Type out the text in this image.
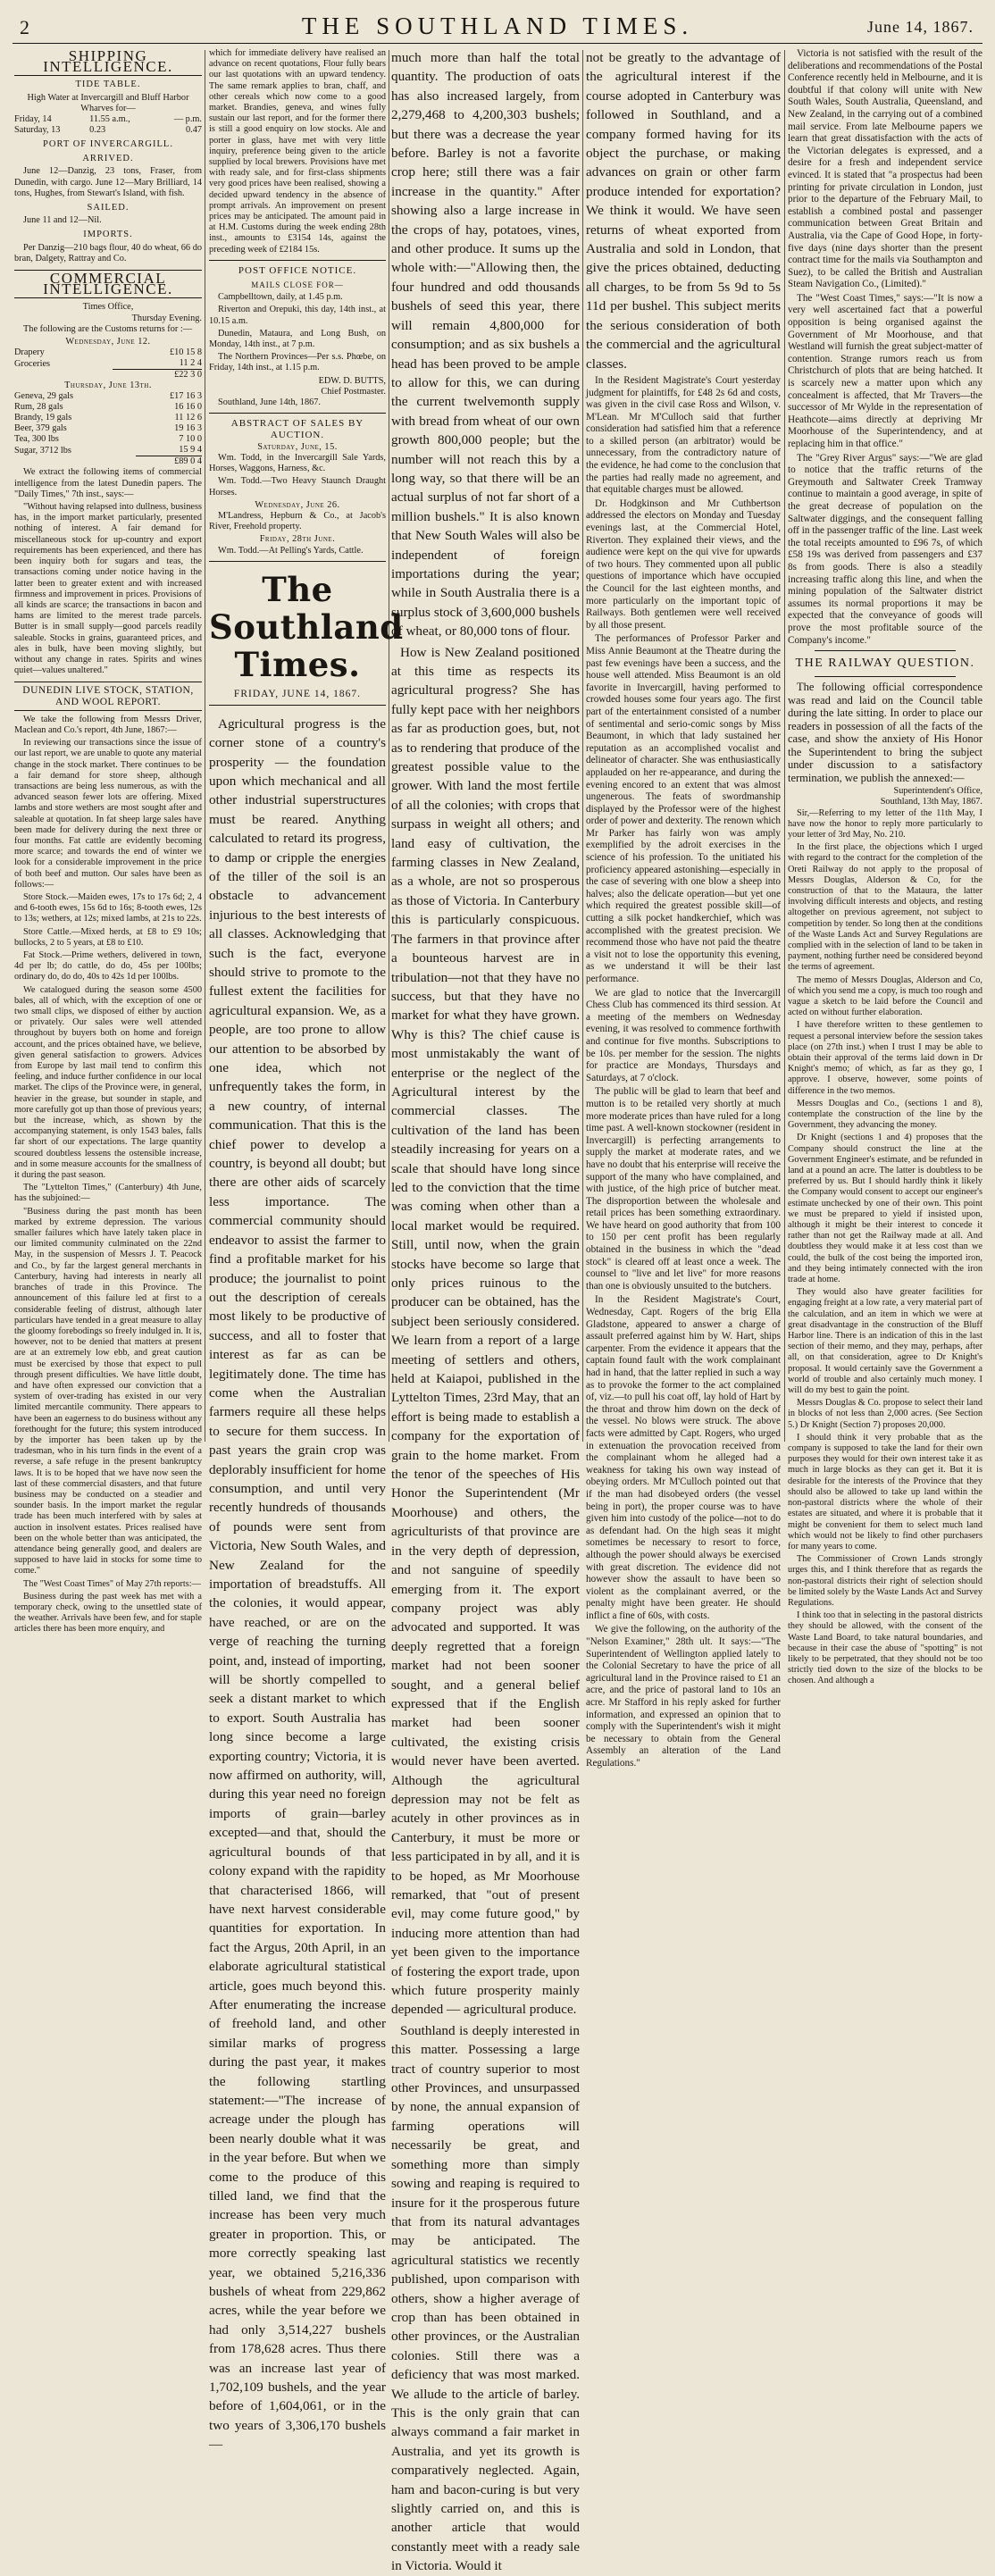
2	THE SOUTHLAND TIMES.	June 14, 1867.
SHIPPING INTELLIGENCE.
TIDE TABLE.
High Water at Invercargill and Bluff Harbor Wharves for—
Friday, 14	11.55 a.m.,	— p.m.
Saturday, 13	0.23	0.47
PORT OF INVERCARGILL.
ARRIVED.

June 12—Danzig, 23 tons, Fraser, from Dunedin, with cargo. June 12—Mary Brilliard, 14 tons, Hughes, from Stewart's Island, with fish.

SAILED.

June 11 and 12—Nil.

IMPORTS.

Per Danzig—210 bags flour, 40 do wheat, 66 do bran, Dalgety, Rattray and Co.

COMMERCIAL INTELLIGENCE.
Times Office,
Thursday Evening.

The following are the Customs returns for :—

Wednesday, June 12.
Drapery	£10 15 8
Groceries	11 2 4
	£22 3 0
Thursday, June 13th.
Geneva, 29 gals	£17 16 3
Rum, 28 gals	16 16 0
Brandy, 19 gals	11 12 6
Beer, 379 gals	19 16 3
Tea, 300 lbs	7 10 0
Sugar, 3712 lbs	15 9 4
	£89 0 4

We extract the following items of commercial intelligence from the latest Dunedin papers. The "Daily Times," 7th inst., says:—

"Without having relapsed into dullness, business has, in the import market particularly, presented nothing of interest. A fair demand for miscellaneous stock for up-country and export requirements has been experienced, and there has been inquiry both for sugars and teas, the transactions coming under notice having in the latter been to greater extent and with increased firmness and improvement in prices. Provisions of all kinds are scarce; the transactions in bacon and hams are limited to the merest trade parcels. Butter is in small supply—good parcels readily saleable. Stocks in grains, guaranteed prices, and ales in bulk, have been moving slightly, but without any change in rates. Spirits and wines quiet—values unaltered."

DUNEDIN LIVE STOCK, STATION, AND WOOL REPORT.

We take the following from Messrs Driver, Maclean and Co.'s report, 4th June, 1867:—

In reviewing our transactions since the issue of our last report, we are unable to quote any material change in the stock market. There continues to be a fair demand for store sheep, although transactions are being less numerous, as with the advanced season fewer lots are offering. Mixed lambs and store wethers are most sought after and saleable at quotation. In fat sheep large sales have been made for delivery during the next three or four months. Fat cattle are evidently becoming more scarce; and towards the end of winter we look for a considerable improvement in the price of both beef and mutton. Our sales have been as follows:—

Store Stock.—Maiden ewes, 17s to 17s 6d; 2, 4 and 6-tooth ewes, 15s 6d to 16s; 8-tooth ewes, 12s to 13s; wethers, at 12s; mixed lambs, at 21s to 22s.

Store Cattle.—Mixed herds, at £8 to £9 10s; bullocks, 2 to 5 years, at £8 to £10.

Fat Stock.—Prime wethers, delivered in town, 4d per lb; do cattle, do do, 45s per 100lbs; ordinary do, do do, 40s to 42s 1d per 100lbs.

We catalogued during the season some 4500 bales, all of which, with the exception of one or two small clips, we disposed of either by auction or privately. Our sales were well attended throughout by buyers both on home and foreign account, and the prices obtained have, we believe, given general satisfaction to growers. Advices from Europe by last mail tend to confirm this feeling, and induce further confidence in our local market. The clips of the Province were, in general, heavier in the grease, but sounder in staple, and more carefully got up than those of previous years; but the increase, which, as shown by the accompanying statement, is only 1543 bales, falls far short of our expectations. The large quantity scoured doubtless lessens the ostensible increase, and in some measure accounts for the smallness of it during the past season.

The "Lyttelton Times," (Canterbury) 4th June, has the subjoined:—

"Business during the past month has been marked by extreme depression. The various smaller failures which have lately taken place in our limited community culminated on the 22nd May, in the suspension of Messrs J. T. Peacock and Co., by far the largest general merchants in Canterbury, having had interests in nearly all branches of trade in this Province. The announcement of this failure led at first to a considerable feeling of distrust, although later particulars have tended in a great measure to allay the gloomy forebodings so freely indulged in. It is, however, not to be denied that matters at present are at an extremely low ebb, and great caution must be exercised by those that expect to pull through present difficulties. We have little doubt, and have often expressed our conviction that a system of over-trading has existed in our very limited mercantile community. There appears to have been an eagerness to do business without any forethought for the future; this system introduced by the importer has been taken up by the tradesman, who in his turn finds in the event of a reverse, a safe refuge in the present bankruptcy laws. It is to be hoped that we have now seen the last of these commercial disasters, and that future business may be conducted on a steadier and sounder basis. In the import market the regular trade has been much interfered with by sales at auction in insolvent estates. Prices realised have been on the whole better than was anticipated, the attendance being generally good, and dealers are supposed to have laid in stocks for some time to come."

The "West Coast Times" of May 27th reports:—

Business during the past week has met with a temporary check, owing to the unsettled state of the weather. Arrivals have been few, and for staple articles there has been more enquiry, and

which for immediate delivery have realised an advance on recent quotations, Flour fully bears our last quotations with an upward tendency. The same remark applies to bran, chaff, and other cereals which now come to a good market. Brandies, geneva, and wines fully sustain our last report, and for the former there is still a good enquiry on low stocks. Ale and porter in glass, have met with very little inquiry, preference being given to the article supplied by local brewers. Provisions have met with ready sale, and for first-class shipments very good prices have been realised, showing a decided upward tendency in the absence of prompt arrivals. An improvement on present prices may be anticipated. The amount paid in at H.M. Customs during the week ending 28th inst., amounts to £3154 14s, against the preceding week of £2184 15s.

POST OFFICE NOTICE.
MAILS CLOSE FOR—

Campbelltown, daily, at 1.45 p.m.

Riverton and Orepuki, this day, 14th inst., at 10.15 a.m.

Dunedin, Mataura, and Long Bush, on Monday, 14th inst., at 7 p.m.

The Northern Provinces—Per s.s. Phœbe, on Friday, 14th inst., at 1.15 p.m.

EDW. D. BUTTS,
Chief Postmaster.

Southland, June 14th, 1867.

ABSTRACT OF SALES BY AUCTION.
Saturday, June, 15.

Wm. Todd, in the Invercargill Sale Yards, Horses, Waggons, Harness, &c.

Wm. Todd.—Two Heavy Staunch Draught Horses.

Wednesday, June 26.

M'Landress, Hepburn & Co., at Jacob's River, Freehold property.

Friday, 28th June.

Wm. Todd.—At Pelling's Yards, Cattle.

The Southland Times.
FRIDAY, JUNE 14, 1867.

Agricultural progress is the corner stone of a country's prosperity — the foundation upon which mechanical and all other industrial superstructures must be reared. Anything calculated to retard its progress, to damp or cripple the energies of the tiller of the soil is an obstacle to advancement injurious to the best interests of all classes. Acknowledging that such is the fact, everyone should strive to promote to the fullest extent the facilities for agricultural expansion. We, as a people, are too prone to allow our attention to be absorbed by one idea, which not unfrequently takes the form, in a new country, of internal communication. That this is the chief power to develop a country, is beyond all doubt; but there are other aids of scarcely less importance. The commercial community should endeavor to assist the farmer to find a profitable market for his produce; the journalist to point out the description of cereals most likely to be productive of success, and all to foster that interest as far as can be legitimately done. The time has come when the Australian farmers require all these helps to secure for them success. In past years the grain crop was deplorably insufficient for home consumption, and until very recently hundreds of thousands of pounds were sent from Victoria, New South Wales, and New Zealand for the importation of breadstuffs. All the colonies, it would appear, have reached, or are on the verge of reaching the turning point, and, instead of importing, will be shortly compelled to seek a distant market to which to export. South Australia has long since become a large exporting country; Victoria, it is now affirmed on authority, will, during this year need no foreign imports of grain—barley excepted—and that, should the agricultural bounds of that colony expand with the rapidity that characterised 1866, will have next harvest considerable quantities for exportation. In fact the Argus, 20th April, in an elaborate agricultural statistical article, goes much beyond this. After enumerating the increase of freehold land, and other similar marks of progress during the past year, it makes the following startling statement:—"The increase of acreage under the plough has been nearly double what it was in the year before. But when we come to the produce of this tilled land, we find that the increase has been very much greater in proportion. This, or more correctly speaking last year, we obtained 5,216,336 bushels of wheat from 229,862 acres, while the year before we had only 3,514,227 bushels from 178,628 acres. Thus there was an increase last year of 1,702,109 bushels, and the year before of 1,604,061, or in the two years of 3,306,170 bushels—

much more than half the total quantity. The production of oats has also increased largely, from 2,279,468 to 4,200,303 bushels; but there was a decrease the year before. Barley is not a favorite crop here; still there was a fair increase in the quantity." After showing also a large increase in the crops of hay, potatoes, vines, and other produce. It sums up the whole with:—"Allowing then, the four hundred and odd thousands bushels of seed this year, there will remain 4,800,000 for consumption; and as six bushels a head has been proved to be ample to allow for this, we can during the current twelvemonth supply with bread from wheat of our own growth 800,000 people; but the number will not reach this by a long way, so that there will be an actual surplus of not far short of a million bushels." It is also known that New South Wales will also be independent of foreign importations during the year; while in South Australia there is a surplus stock of 3,600,000 bushels of wheat, or 80,000 tons of flour.

How is New Zealand positioned at this time as respects its agricultural progress? She has fully kept pace with her neighbors as far as production goes, but, not as to rendering that produce of the greatest possible value to the grower. With land the most fertile of all the colonies; with crops that surpass in weight all others; and land easy of cultivation, the farming classes in New Zealand, as a whole, are not so prosperous as those of Victoria. In Canterbury this is particularly conspicuous. The farmers in that province after a bounteous harvest are in tribulation—not that they have no success, but that they have no market for what they have grown. Why is this? The chief cause is most unmistakably the want of enterprise or the neglect of the Agricultural interest by the commercial classes. The cultivation of the land has been steadily increasing for years on a scale that should have long since led to the conviction that the time was coming when other than a local market would be required. Still, until now, when the grain stocks have become so large that only prices ruinous to the producer can be obtained, has the subject been seriously considered. We learn from a report of a large meeting of settlers and others, held at Kaiapoi, published in the Lyttelton Times, 23rd May, that an effort is being made to establish a company for the exportation of grain to the home market. From the tenor of the speeches of His Honor the Superintendent (Mr Moorhouse) and others, the agriculturists of that province are in the very depth of depression, and not sanguine of speedily emerging from it. The export company project was ably advocated and supported. It was deeply regretted that a foreign market had not been sooner sought, and a general belief expressed that if the English market had been sooner cultivated, the existing crisis would never have been averted. Although the agricultural depression may not be felt as acutely in other provinces as in Canterbury, it must be more or less participated in by all, and it is to be hoped, as Mr Moorhouse remarked, that "out of present evil, may come future good," by inducing more attention than had yet been given to the importance of fostering the export trade, upon which future prosperity mainly depended — agricultural produce.

Southland is deeply interested in this matter. Possessing a large tract of country superior to most other Provinces, and unsurpassed by none, the annual expansion of farming operations will necessarily be great, and something more than simply sowing and reaping is required to insure for it the prosperous future that from its natural advantages may be anticipated. The agricultural statistics we recently published, upon comparison with others, show a higher average of crop than has been obtained in other provinces, or the Australian colonies. Still there was a deficiency that was most marked. We allude to the article of barley. This is the only grain that can always command a fair market in Australia, and yet its growth is comparatively neglected. Again, ham and bacon-curing is but very slightly carried on, and this is another article that would constantly meet with a ready sale in Victoria. Would it

not be greatly to the advantage of the agricultural interest if the course adopted in Canterbury was followed in Southland, and a company formed having for its object the purchase, or making advances on grain or other farm produce intended for exportation? We think it would. We have seen returns of wheat exported from Australia and sold in London, that give the prices obtained, deducting all charges, to be from 5s 9d to 5s 11d per bushel. This subject merits the serious consideration of both the commercial and the agricultural classes.

In the Resident Magistrate's Court yesterday judgment for plaintiffs, for £48 2s 6d and costs, was given in the civil case Ross and Wilson, v. M'Lean. Mr M'Culloch said that further consideration had satisfied him that a reference to a skilled person (an arbitrator) would be unnecessary, from the contradictory nature of the evidence, he had come to the conclusion that the parties had really made no agreement, and that equitable charges must be allowed.

Dr. Hodgkinson and Mr Cuthbertson addressed the electors on Monday and Tuesday evenings last, at the Commercial Hotel, Riverton. They explained their views, and the audience were kept on the qui vive for upwards of two hours. They commented upon all public questions of importance which have occupied the Council for the last eighteen months, and more particularly on the important topic of Railways. Both gentlemen were well received by all those present.

The performances of Professor Parker and Miss Annie Beaumont at the Theatre during the past few evenings have been a success, and the house well attended. Miss Beaumont is an old favorite in Invercargill, having performed to crowded houses some four years ago. The first part of the entertainment consisted of a number of sentimental and serio-comic songs by Miss Beaumont, in which that lady sustained her reputation as an accomplished vocalist and delineator of character. She was enthusiastically applauded on her re-appearance, and during the evening encored to an extent that was almost ungenerous. The feats of swordmanship displayed by the Professor were of the highest order of power and dexterity. The renown which Mr Parker has fairly won was amply exemplified by the adroit exercises in the science of his profession. To the unitiated his proficiency appeared astonishing—especially in the case of severing with one blow a sheep into halves; also the delicate operation—but yet one which required the greatest possible skill—of cutting a silk pocket handkerchief, which was accomplished with the greatest precision. We recommend those who have not paid the theatre a visit not to lose the opportunity this evening, as we understand it will be their last performance.

We are glad to notice that the Invercargill Chess Club has commenced its third session. At a meeting of the members on Wednesday evening, it was resolved to commence forthwith and continue for five months. Subscriptions to be 10s. per member for the session. The nights for practice are Mondays, Thursdays and Saturdays, at 7 o'clock.

The public will be glad to learn that beef and mutton is to be retailed very shortly at much more moderate prices than have ruled for a long time past. A well-known stockowner (resident in Invercargill) is perfecting arrangements to supply the market at moderate rates, and we have no doubt that his enterprise will receive the support of the many who have complained, and with justice, of the high price of butcher meat. The disproportion between the wholesale and retail prices has been something extraordinary. We have heard on good authority that from 100 to 150 per cent profit has been regularly obtained in the business in which the "dead stock" is cleared off at least once a week. The counsel to "live and let live" for more reasons than one is obviously unsuited to the butchers.

In the Resident Magistrate's Court, Wednesday, Capt. Rogers of the brig Ella Gladstone, appeared to answer a charge of assault preferred against him by W. Hart, ships carpenter. From the evidence it appears that the captain found fault with the work complainant had in hand, that the latter replied in such a way as to provoke the former to the act complained of, viz.—to pull his coat off, lay hold of Hart by the throat and throw him down on the deck of the vessel. No blows were struck. The above facts were admitted by Capt. Rogers, who urged in extenuation the provocation received from the complainant whom he alleged had a weakness for taking his own way instead of obeying orders. Mr M'Culloch pointed out that if the man had disobeyed orders (the vessel being in port), the proper course was to have given him into custody of the police—not to do as defendant had. On the high seas it might sometimes be necessary to resort to force, although the power should always be exercised with great discretion. The evidence did not however show the assault to have been so violent as the complainant averred, or the penalty might have been greater. He should inflict a fine of 60s, with costs.

We give the following, on the authority of the "Nelson Examiner," 28th ult. It says:—"The Superintendent of Wellington applied lately to the Colonial Secretary to have the price of all agricultural land in the Province raised to £1 an acre, and the price of pastoral land to 10s an acre. Mr Stafford in his reply asked for further information, and expressed an opinion that to comply with the Superintendent's wish it might be necessary to obtain from the General Assembly an alteration of the Land Regulations."

Victoria is not satisfied with the result of the deliberations and recommendations of the Postal Conference recently held in Melbourne, and it is doubtful if that colony will unite with New South Wales, South Australia, Queensland, and New Zealand, in the carrying out of a combined mail service. From late Melbourne papers we learn that great dissatisfaction with the acts of the Victorian delegates is expressed, and a desire for a fresh and independent service evinced. It is stated that "a prospectus had been printing for private circulation in London, just prior to the departure of the February Mail, to establish a combined postal and passenger communication between Great Britain and Australia, via the Cape of Good Hope, in forty-five days (nine days shorter than the present contract time for the mails via Southampton and Suez), to be called the British and Australian Steam Navigation Co., (Limited)."

The "West Coast Times," says:—"It is now a very well ascertained fact that a powerful opposition is being organised against the Government of Mr Moorhouse, and that Westland will furnish the great subject-matter of contention. Strange rumors reach us from Christchurch of plots that are being hatched. It is scarcely new a matter upon which any concealment is affected, that Mr Travers—the successor of Mr Wylde in the representation of Heathcote—aims directly at depriving Mr Moorhouse of the Superintendency, and at replacing him in that office."

The "Grey River Argus" says:—"We are glad to notice that the traffic returns of the Greymouth and Saltwater Creek Tramway continue to maintain a good average, in spite of the great decrease of population on the Saltwater diggings, and the consequent falling off in the passenger traffic of the line. Last week the total receipts amounted to £96 7s, of which £58 19s was derived from passengers and £37 8s from goods. There is also a steadily increasing traffic along this line, and when the mining population of the Saltwater district assumes its normal proportions it may be expected that the conveyance of goods will prove the most profitable source of the Company's income."

THE RAILWAY QUESTION.

The following official correspondence was read and laid on the Council table during the late sitting. In order to place our readers in possession of all the facts of the case, and show the anxiety of His Honor the Superintendent to bring the subject under discussion to a satisfactory termination, we publish the annexed:—

Superintendent's Office,
Southland, 13th May, 1867.

Sir,—Referring to my letter of the 11th May, I have now the honor to reply more particularly to your letter of 3rd May, No. 210.

In the first place, the objections which I urged with regard to the contract for the completion of the Oreti Railway do not apply to the proposal of Messrs Douglas, Alderson & Co, for the construction of that to the Mataura, the latter involving difficult interests and objects, and resting altogether on previous agreement, not subject to competition by tender. So long then at the conditions of the Waste Lands Act and Survey Regulations are complied with in the selection of land to be taken in payment, nothing further need be considered beyond the terms of agreement.

The memo of Messrs Douglas, Alderson and Co, of which you send me a copy, is much too rough and vague a sketch to be laid before the Council and acted on without further elaboration.

I have therefore written to these gentlemen to request a personal interview before the session takes place (on 27th inst.) when I trust I may be able to obtain their approval of the terms laid down in Dr Knight's memo; of which, as far as they go, I approve. I observe, however, some points of difference in the two memos.

Messrs Douglas and Co., (sections 1 and 8), contemplate the construction of the line by the Government, they advancing the money.

Dr Knight (sections 1 and 4) proposes that the Company should construct the line at the Government Engineer's estimate, and be refunded in land at a pound an acre. The latter is doubtless to be preferred by us. But I should hardly think it likely the Company would consent to accept our engineer's estimate unchecked by one of their own. This point we must be prepared to yield if insisted upon, although it might be their interest to concede it rather than not get the Railway made at all. And doubtless they would make it at less cost than we could, the bulk of the cost being the imported iron, and they being intimately connected with the iron trade at home.

They would also have greater facilities for engaging freight at a low rate, a very material part of the calculation, and an item in which we were at great disadvantage in the construction of the Bluff Harbor line. There is an indication of this in the last section of their memo, and they may, perhaps, after all, on that consideration, agree to Dr Knight's proposal. It would certainly save the Government a world of trouble and also certainly much money. I will do my best to gain the point.

Messrs Douglas & Co. propose to select their land in blocks of not less than 2,000 acres. (See Section 5.) Dr Knight (Section 7) proposes 20,000.

I should think it very probable that as the company is supposed to take the land for their own purposes they would for their own interest take it as much in large blocks as they can get it. But it is desirable for the interests of the Province that they should also be allowed to take up land within the non-pastoral districts where the whole of their estates are situated, and where it is probable that it might be convenient for them to select much land which would not be likely to find other purchasers for many years to come.

The Commissioner of Crown Lands strongly urges this, and I think therefore that as regards the non-pastoral districts their right of selection should be limited solely by the Waste Lands Act and Survey Regulations.

I think too that in selecting in the pastoral districts they should be allowed, with the consent of the Waste Land Board, to take natural boundaries, and because in their case the abuse of "spotting" is not likely to be perpetrated, that they should not be too strictly tied down to the size of the blocks to be chosen. And although a
